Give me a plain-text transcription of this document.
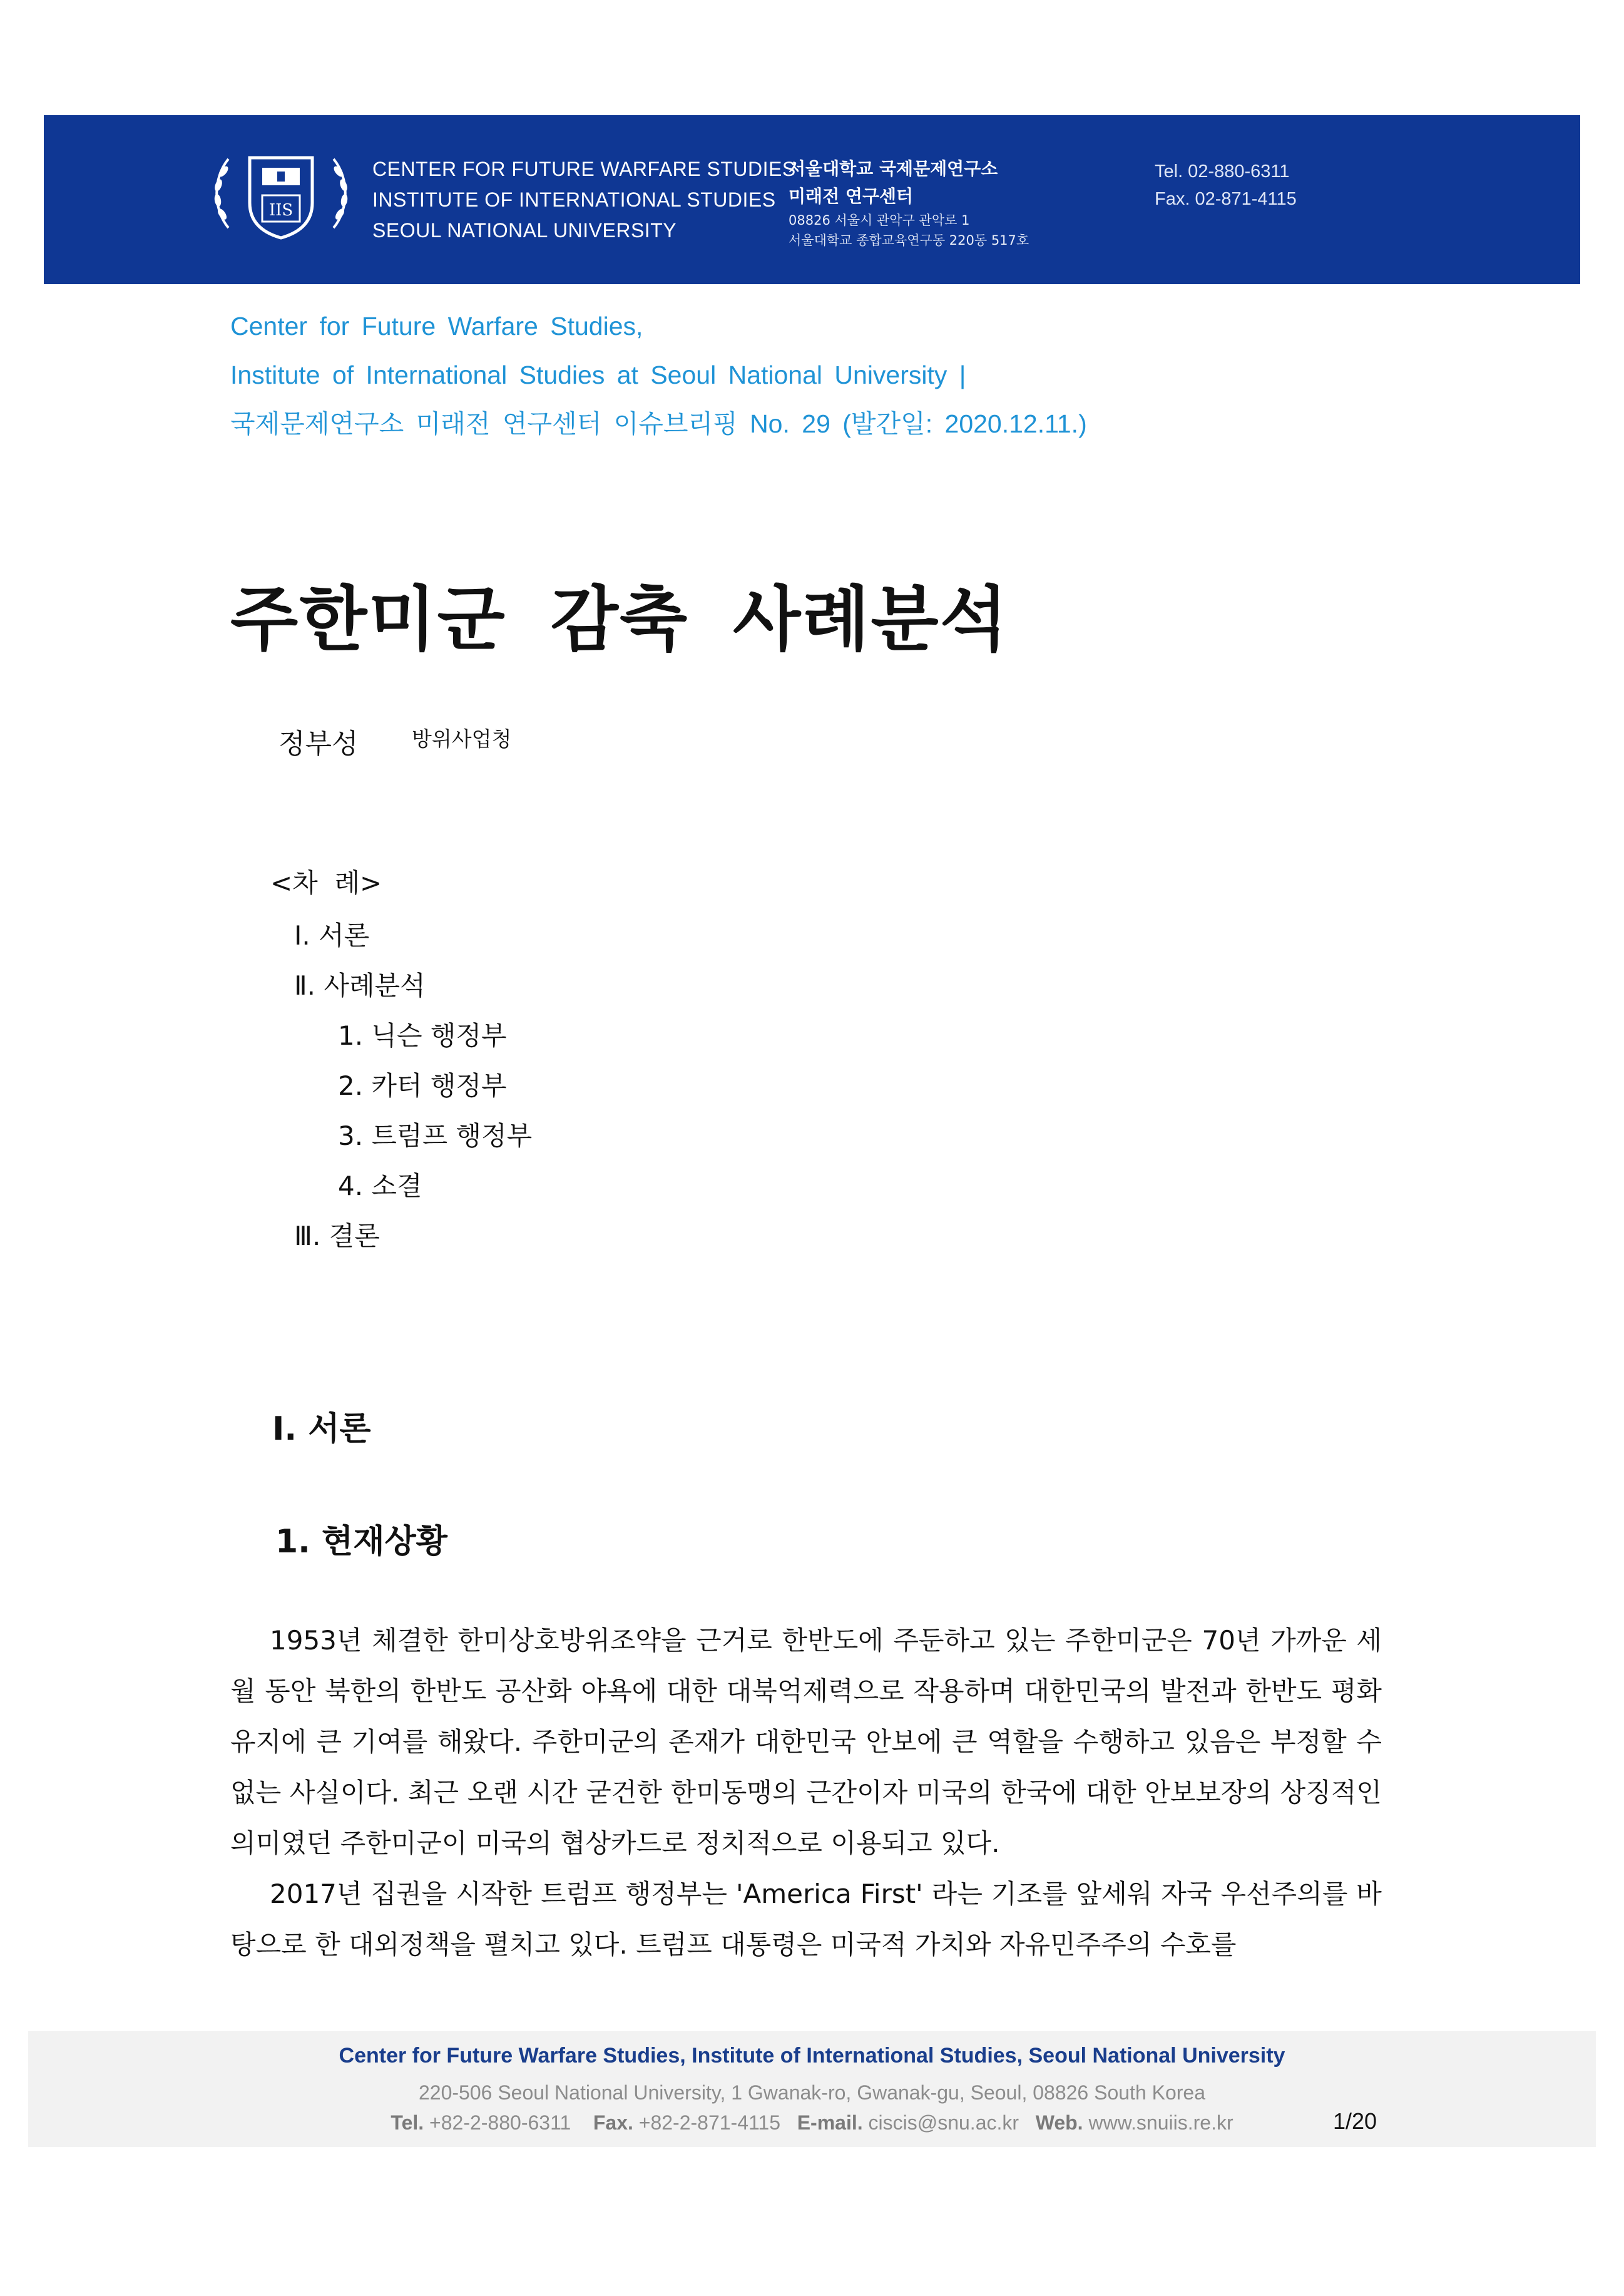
IIS
CENTER FOR FUTURE WARFARE STUDIES
INSTITUTE OF INTERNATIONAL STUDIES
SEOUL NATIONAL UNIVERSITY
서울대학교 국제문제연구소
미래전 연구센터
08826 서울시 관악구 관악로 1
서울대학교 종합교육연구동 220동 517호
Tel. 02-880-6311
Fax. 02-871-4115
Center for Future Warfare Studies,
Institute of International Studies at Seoul National University |
국제문제연구소 미래전 연구센터 이슈브리핑 No. 29 (발간일: 2020.12.11.)
주한미군 감축 사례분석
정부성	방위사업청
<차  례>
Ⅰ. 서론
Ⅱ. 사례분석
1. 닉슨 행정부
2. 카터 행정부
3. 트럼프 행정부
4. 소결
Ⅲ. 결론
I. 서론
1. 현재상황

1953년 체결한 한미상호방위조약을 근거로 한반도에 주둔하고 있는 주한미군은 70년 가까운 세월 동안 북한의 한반도 공산화 야욕에 대한 대북억제력으로 작용하며 대한민국의 발전과 한반도 평화유지에 큰 기여를 해왔다. 주한미군의 존재가 대한민국 안보에 큰 역할을 수행하고 있음은 부정할 수 없는 사실이다. 최근 오랜 시간 굳건한 한미동맹의 근간이자 미국의 한국에 대한 안보보장의 상징적인 의미였던 주한미군이 미국의 협상카드로 정치적으로 이용되고 있다.

2017년 집권을 시작한 트럼프 행정부는 'America First' 라는 기조를 앞세워 자국 우선주의를 바탕으로 한 대외정책을 펼치고 있다. 트럼프 대통령은 미국적 가치와 자유민주주의 수호를

Center for Future Warfare Studies, Institute of International Studies, Seoul National University
220-506 Seoul National University, 1 Gwanak-ro, Gwanak-gu, Seoul, 08826 South Korea
Tel. +82-2-880-6311 Fax. +82-2-871-4115 E-mail. ciscis@snu.ac.kr Web. www.snuiis.re.kr	1/20
